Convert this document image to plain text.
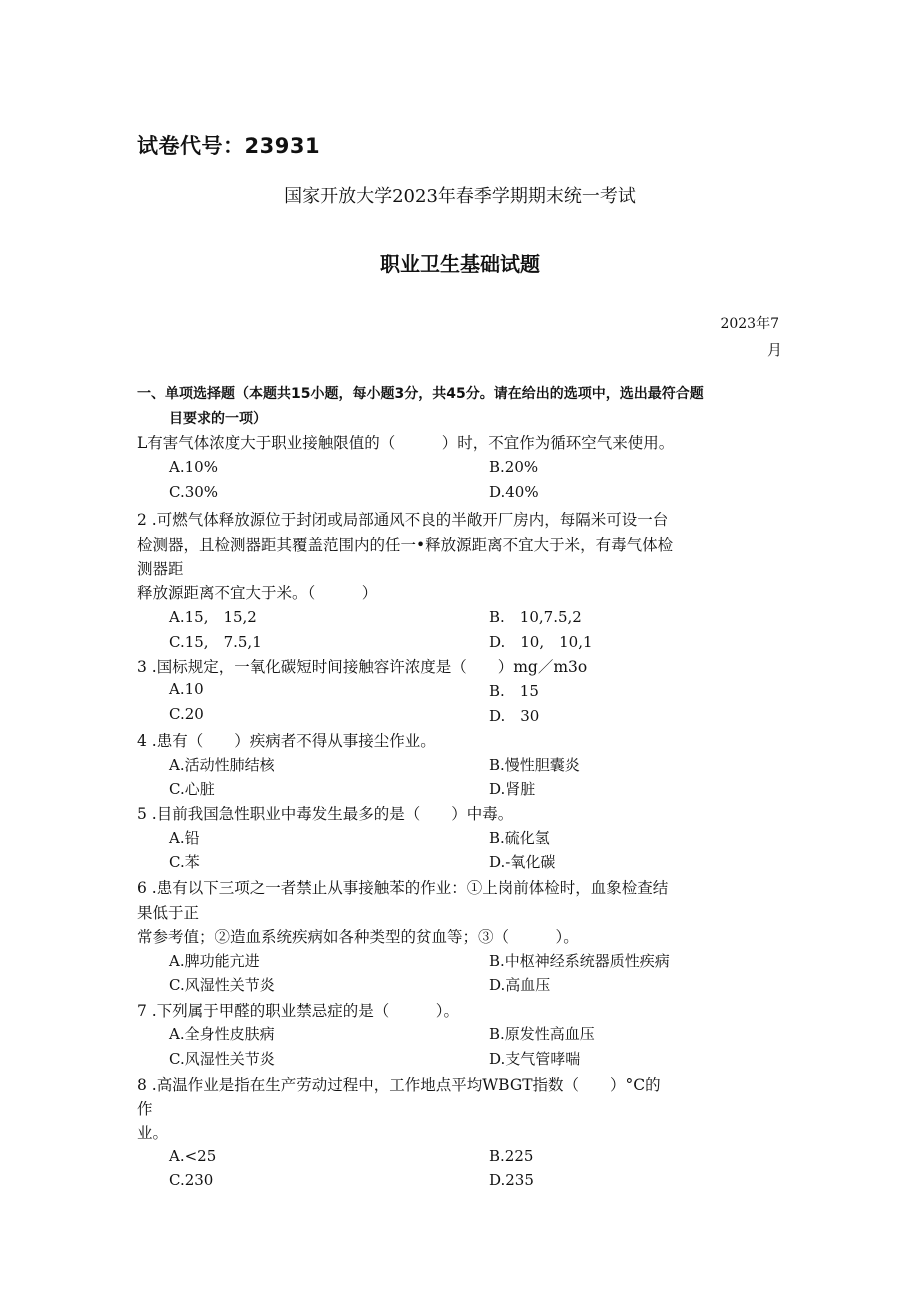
试卷代号：23931
国家开放大学2023年春季学期期末统一考试
职业卫生基础试题
2023年7
月
一、单项选择题（本题共15小题，每小题3分，共45分。请在给出的选项中，选出最符合题
目要求的一项）
L有害气体浓度大于职业接触限值的（　　　）时，不宜作为循环空气来使用。
A.10%	B.20%
C.30%	D.40%
2 .可燃气体释放源位于封闭或局部通风不良的半敞开厂房内，每隔米可设一台
检测器，且检测器距其覆盖范围内的任一•释放源距离不宜大于米，有毒气体检
测器距
释放源距离不宜大于米。（　　　）
A.15,　15,2	B.　10,7.5,2
C.15,　7.5,1	D.　10,　10,1
3 .国标规定，一氧化碳短时间接触容许浓度是（　　）mg／m3o
A.10	B.　15
C.20	D.　30
4 .患有（　　）疾病者不得从事接尘作业。
A.活动性肺结核	B.慢性胆囊炎
C.心脏	D.肾脏
5 .目前我国急性职业中毒发生最多的是（　　）中毒。
A.铅	B.硫化氢
C.苯	D.-氧化碳
6 .患有以下三项之一者禁止从事接触苯的作业：①上岗前体检时，血象检查结
果低于正
常参考值；②造血系统疾病如各种类型的贫血等；③（　　　）。
A.脾功能亢进	B.中枢神经系统器质性疾病
C.风湿性关节炎	D.高血压
7 .下列属于甲醛的职业禁忌症的是（　　　）。
A.全身性皮肤病	B.原发性高血压
C.风湿性关节炎	D.支气管哮喘
8 .高温作业是指在生产劳动过程中，工作地点平均WBGT指数（　　）°C的
作
业。
A.<25	B.225
C.230	D.235
